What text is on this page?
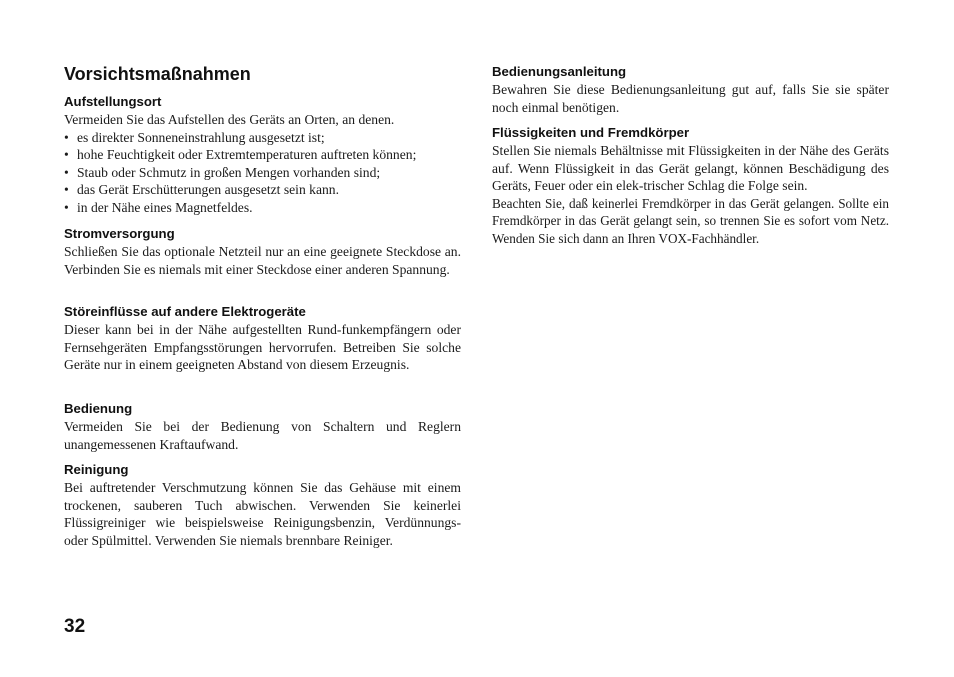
Vorsichtsmaßnahmen
Aufstellungsort

Vermeiden Sie das Aufstellen des Geräts an Orten, an denen.

• es direkter Sonneneinstrahlung ausgesetzt ist;
• hohe Feuchtigkeit oder Extremtemperaturen auftreten können;
• Staub oder Schmutz in großen Mengen vorhanden sind;
• das Gerät Erschütterungen ausgesetzt sein kann.
• in der Nähe eines Magnetfeldes.
Stromversorgung

Schließen Sie das optionale Netzteil nur an eine geeignete Steckdose an. Verbinden Sie es niemals mit einer Steckdose einer anderen Spannung.

Störeinflüsse auf andere Elektrogeräte

Dieser kann bei in der Nähe aufgestellten Rund-funkempfängern oder Fernsehgeräten Empfangsstörungen hervorrufen. Betreiben Sie solche Geräte nur in einem geeigneten Abstand von diesem Erzeugnis.

Bedienung

Vermeiden Sie bei der Bedienung von Schaltern und Reglern unangemessenen Kraftaufwand.

Reinigung

Bei auftretender Verschmutzung können Sie das Gehäuse mit einem trockenen, sauberen Tuch abwischen. Verwenden Sie keinerlei Flüssigreiniger wie beispielsweise Reinigungsbenzin, Verdünnungs- oder Spülmittel. Verwenden Sie niemals brennbare Reiniger.

Bedienungsanleitung

Bewahren Sie diese Bedienungsanleitung gut auf, falls Sie sie später noch einmal benötigen.

Flüssigkeiten und Fremdkörper

Stellen Sie niemals Behältnisse mit Flüssigkeiten in der Nähe des Geräts auf. Wenn Flüssigkeit in das Gerät gelangt, können Beschädigung des Geräts, Feuer oder ein elek-trischer Schlag die Folge sein.

Beachten Sie, daß keinerlei Fremdkörper in das Gerät gelangen. Sollte ein Fremdkörper in das Gerät gelangt sein, so trennen Sie es sofort vom Netz. Wenden Sie sich dann an Ihren VOX-Fachhändler.

32
